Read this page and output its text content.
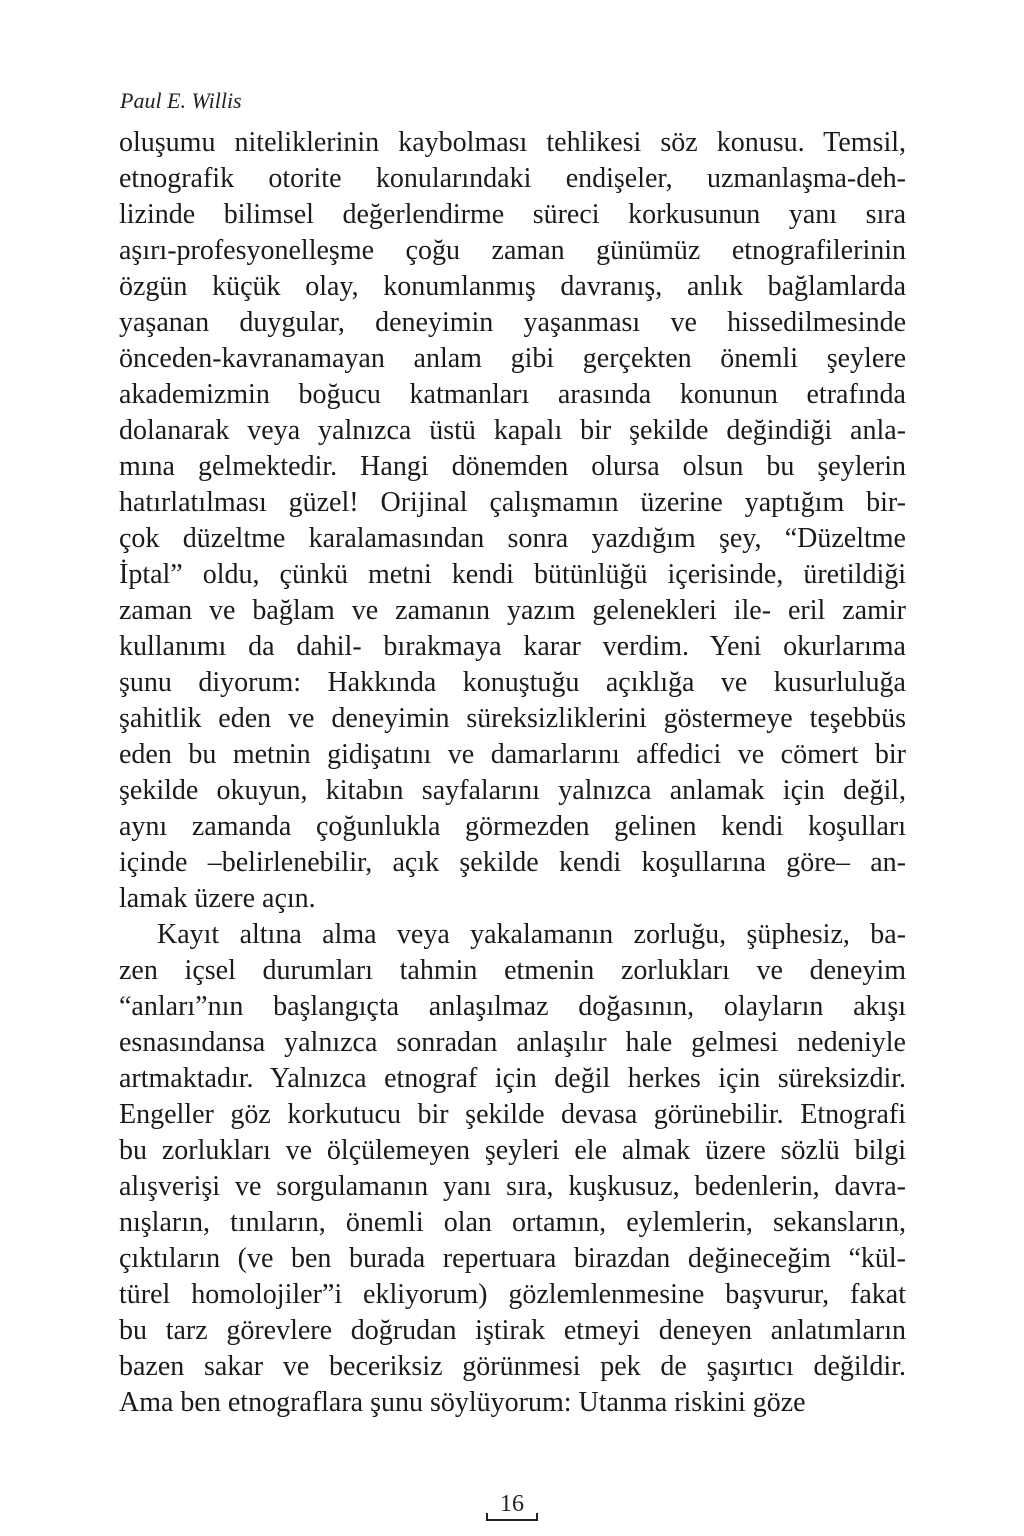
Paul E. Willis
oluşumu niteliklerinin kaybolması tehlikesi söz konusu. Temsil,
etnografik otorite konularındaki endişeler, uzmanlaşma-deh-
lizinde bilimsel değerlendirme süreci korkusunun yanı sıra
aşırı-profesyonelleşme çoğu zaman günümüz etnografilerinin
özgün küçük olay, konumlanmış davranış, anlık bağlamlarda
yaşanan duygular, deneyimin yaşanması ve hissedilmesinde
önceden-kavranamayan anlam gibi gerçekten önemli şeylere
akademizmin boğucu katmanları arasında konunun etrafında
dolanarak veya yalnızca üstü kapalı bir şekilde değindiği anla-
mına gelmektedir. Hangi dönemden olursa olsun bu şeylerin
hatırlatılması güzel! Orijinal çalışmamın üzerine yaptığım bir-
çok düzeltme karalamasından sonra yazdığım şey, “Düzeltme
İptal” oldu, çünkü metni kendi bütünlüğü içerisinde, üretildiği
zaman ve bağlam ve zamanın yazım gelenekleri ile- eril zamir
kullanımı da dahil- bırakmaya karar verdim. Yeni okurlarıma
şunu diyorum: Hakkında konuştuğu açıklığa ve kusurluluğa
şahitlik eden ve deneyimin süreksizliklerini göstermeye teşebbüs
eden bu metnin gidişatını ve damarlarını affedici ve cömert bir
şekilde okuyun, kitabın sayfalarını yalnızca anlamak için değil,
aynı zamanda çoğunlukla görmezden gelinen kendi koşulları
içinde –belirlenebilir, açık şekilde kendi koşullarına göre– an-
lamak üzere açın.
Kayıt altına alma veya yakalamanın zorluğu, şüphesiz, ba-
zen içsel durumları tahmin etmenin zorlukları ve deneyim
“anları”nın başlangıçta anlaşılmaz doğasının, olayların akışı
esnasındansa yalnızca sonradan anlaşılır hale gelmesi nedeniyle
artmaktadır. Yalnızca etnograf için değil herkes için süreksizdir.
Engeller göz korkutucu bir şekilde devasa görünebilir. Etnografi
bu zorlukları ve ölçülemeyen şeyleri ele almak üzere sözlü bilgi
alışverişi ve sorgulamanın yanı sıra, kuşkusuz, bedenlerin, davra-
nışların, tınıların, önemli olan ortamın, eylemlerin, sekansların,
çıktıların (ve ben burada repertuara birazdan değineceğim “kül-
türel homolojiler”i ekliyorum) gözlemlenmesine başvurur, fakat
bu tarz görevlere doğrudan iştirak etmeyi deneyen anlatımların
bazen sakar ve beceriksiz görünmesi pek de şaşırtıcı değildir.
Ama ben etnograflara şunu söylüyorum: Utanma riskini göze
16
